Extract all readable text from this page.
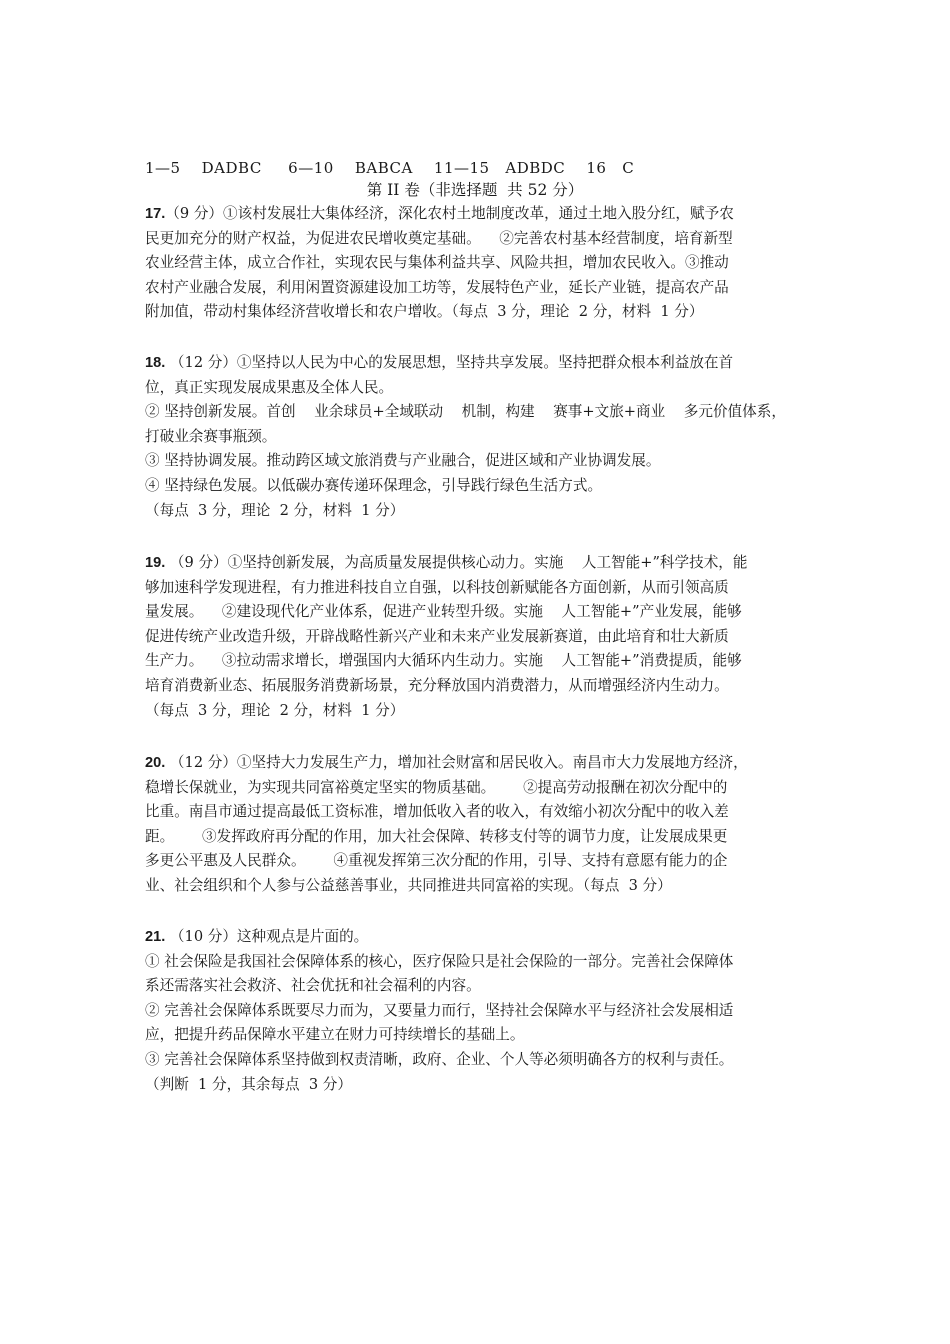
1—5    DADBC     6—10    BABCA    11—15   ADBDC    16   C
第 II 卷（非选择题  共 52 分）
17.（9 分）①该村发展壮大集体经济，深化农村土地制度改革，通过土地入股分红，赋予农
民更加充分的财产权益，为促进农民增收奠定基础。    ②完善农村基本经营制度，培育新型
农业经营主体，成立合作社，实现农民与集体利益共享、风险共担，增加农民收入。③推动
农村产业融合发展，利用闲置资源建设加工坊等，发展特色产业，延长产业链，提高农产品
附加值，带动村集体经济营收增长和农户增收。（每点  3 分，理论  2 分，材料  1 分）
18. （12 分）①坚持以人民为中心的发展思想，坚持共享发展。坚持把群众根本利益放在首
位，真正实现发展成果惠及全体人民。
② 坚持创新发展。首创    业余球员+全域联动    机制，构建    赛事+文旅+商业    多元价值体系，
打破业余赛事瓶颈。
③ 坚持协调发展。推动跨区域文旅消费与产业融合，促进区域和产业协调发展。
④ 坚持绿色发展。以低碳办赛传递环保理念，引导践行绿色生活方式。
（每点  3 分，理论  2 分，材料  1 分）
19. （9 分）①坚持创新发展，为高质量发展提供核心动力。实施    人工智能+”科学技术，能
够加速科学发现进程，有力推进科技自立自强，以科技创新赋能各方面创新，从而引领高质
量发展。    ②建设现代化产业体系，促进产业转型升级。实施    人工智能+”产业发展，能够
促进传统产业改造升级，开辟战略性新兴产业和未来产业发展新赛道，由此培育和壮大新质
生产力。    ③拉动需求增长，增强国内大循环内生动力。实施    人工智能+”消费提质，能够
培育消费新业态、拓展服务消费新场景，充分释放国内消费潜力，从而增强经济内生动力。
（每点  3 分，理论  2 分，材料  1 分）
20. （12 分）①坚持大力发展生产力，增加社会财富和居民收入。南昌市大力发展地方经济，
稳增长保就业，为实现共同富裕奠定坚实的物质基础。      ②提高劳动报酬在初次分配中的
比重。南昌市通过提高最低工资标准，增加低收入者的收入，有效缩小初次分配中的收入差
距。      ③发挥政府再分配的作用，加大社会保障、转移支付等的调节力度，让发展成果更
多更公平惠及人民群众。      ④重视发挥第三次分配的作用，引导、支持有意愿有能力的企
业、社会组织和个人参与公益慈善事业，共同推进共同富裕的实现。（每点  3 分）
21. （10 分）这种观点是片面的。
① 社会保险是我国社会保障体系的核心，医疗保险只是社会保险的一部分。完善社会保障体
系还需落实社会救济、社会优抚和社会福利的内容。
② 完善社会保障体系既要尽力而为，又要量力而行，坚持社会保障水平与经济社会发展相适
应，把提升药品保障水平建立在财力可持续增长的基础上。
③ 完善社会保障体系坚持做到权责清晰，政府、企业、个人等必须明确各方的权利与责任。
（判断  1 分，其余每点  3 分）
